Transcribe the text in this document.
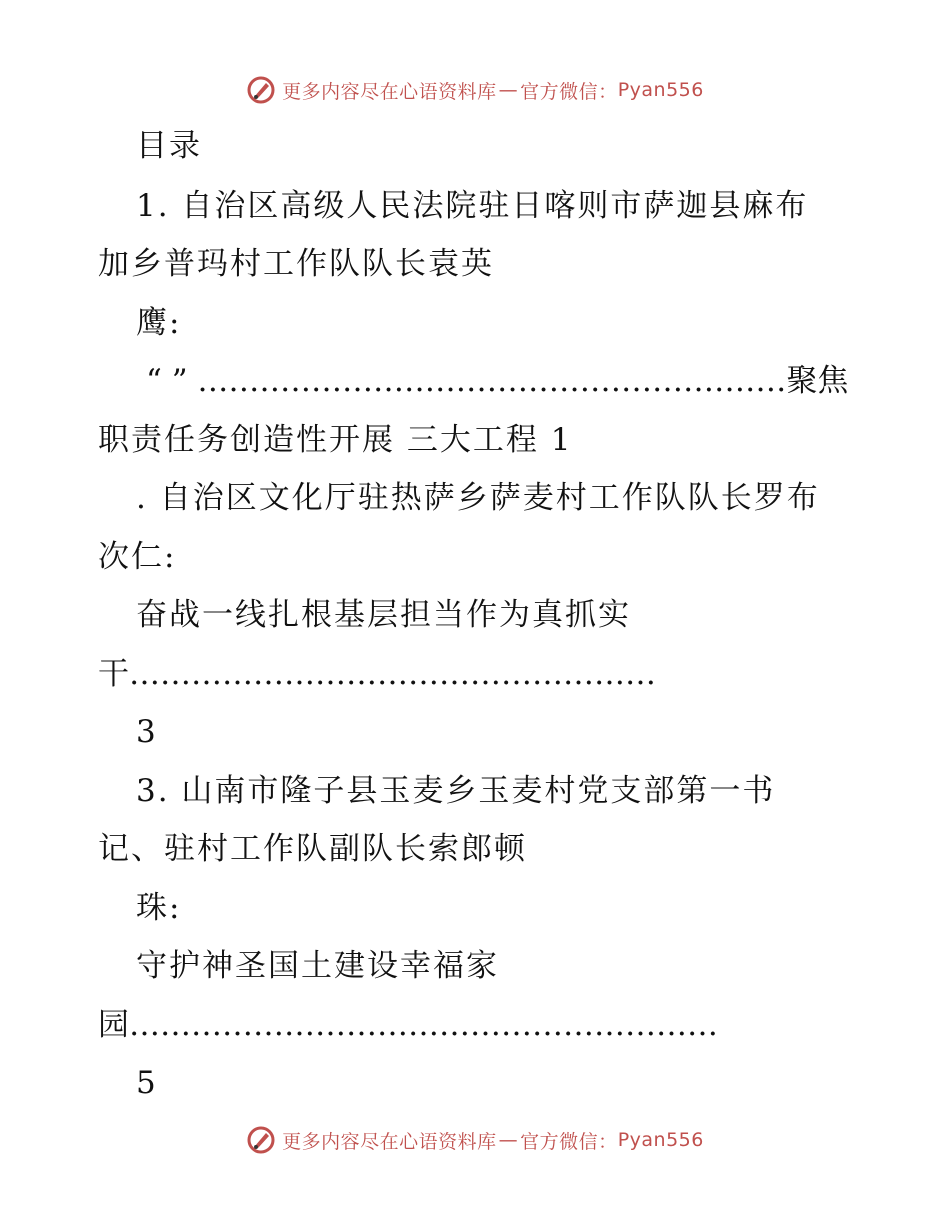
更多内容尽在心语资料库 — 官方微信： Pyan556
目录
1. 自治区高级人民法院驻日喀则市萨迦县麻布
加乡普玛村工作队队长袁英
鹰:
“ ” …………………………………………………聚焦
职责任务创造性开展 三大工程 1
. 自治区文化厅驻热萨乡萨麦村工作队队长罗布
次仁:
奋战一线扎根基层担当作为真抓实
干……………………………………………
3
3. 山南市隆子县玉麦乡玉麦村党支部第一书
记、驻村工作队副队长索郎顿
珠:
守护神圣国土建设幸福家
园…………………………………………………
5
更多内容尽在心语资料库 — 官方微信： Pyan556
